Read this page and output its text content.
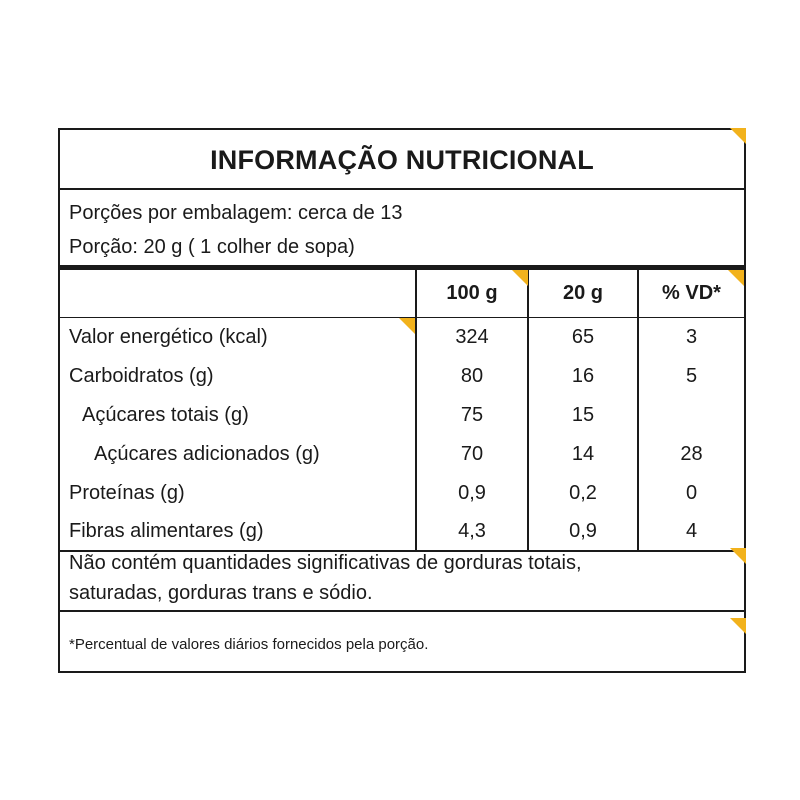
INFORMAÇÃO NUTRICIONAL
Porções por embalagem: cerca de 13
Porção: 20 g ( 1 colher de sopa)
	100 g	20 g	% VD*

Valor energético (kcal)	324	65	3
Carboidratos (g)	80	16	5
Açúcares totais (g)	75	15	
Açúcares adicionados (g)	70	14	28
Proteínas (g)	0,9	0,2	0
Fibras alimentares (g)	4,3	0,9	4
Não contém quantidades significativas de gorduras totais,
saturadas, gorduras trans e sódio.
*Percentual de valores diários fornecidos pela porção.
